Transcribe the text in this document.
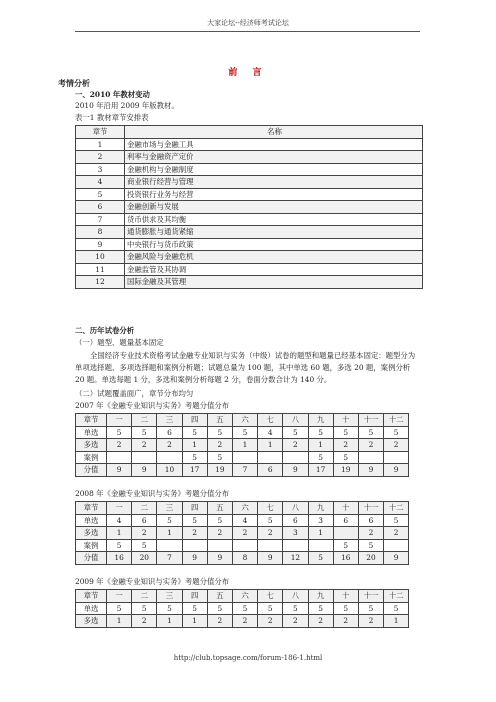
大家论坛--经济师考试论坛
前 言
考情分析
一、2010 年教材变动
2010 年沿用 2009 年版教材。
表一1 教材章节安排表
章节	名称
1	金融市场与金融工具
2	利率与金融资产定价
3	金融机构与金融制度
4	商业银行经营与管理
5	投资银行业务与经营
6	金融创新与发展
7	货币供求及其均衡
8	通货膨胀与通货紧缩
9	中央银行与货币政策
10	金融风险与金融危机
11	金融监管及其协调
12	国际金融及其管理
二、历年试卷分析
（一）题型、题量基本固定
全国经济专业技术资格考试金融专业知识与实务（中级）试卷的题型和题量已经基本固定：题型分为单项选择题、多项选择题和案例分析题；试题总量为 100 题，其中单选 60 题，多选 20 题，案例分析 20 题。单选每题 1 分，多选和案例分析每题 2 分，卷面分数合计为 140 分。
（二）试题覆盖面广，章节分布均匀
2007 年《金融专业知识与实务》考题分值分布
章节	一	二	三	四	五	六	七	八	九	十	十一	十二
单选	5	5	6	5	5	5	4	5	5	5	5	5
多选	2	2	2	1	2	1	1	2	1	2	2	2
案例				5	5				5	5		
分值	9	9	10	17	19	7	6	9	17	19	9	9
2008 年《金融专业知识与实务》考题分值分布
章节	一	二	三	四	五	六	七	八	九	十	十一	十二
单选	4	6	5	5	5	4	5	6	3	6	6	5
多选	1	2	1	2	2	2	2	3	1		2	2
案例	5	5								5	5	
分值	16	20	7	9	9	8	9	12	5	16	20	9
2009 年《金融专业知识与实务》考题分值分布
章节	一	二	三	四	五	六	七	八	九	十	十一	十二
单选	5	5	5	5	5	5	5	5	5	5	5	5
多选	1	2	1	1	2	2	2	2	2	2	2	1
http://club.topsage.com/forum-186-1.html
